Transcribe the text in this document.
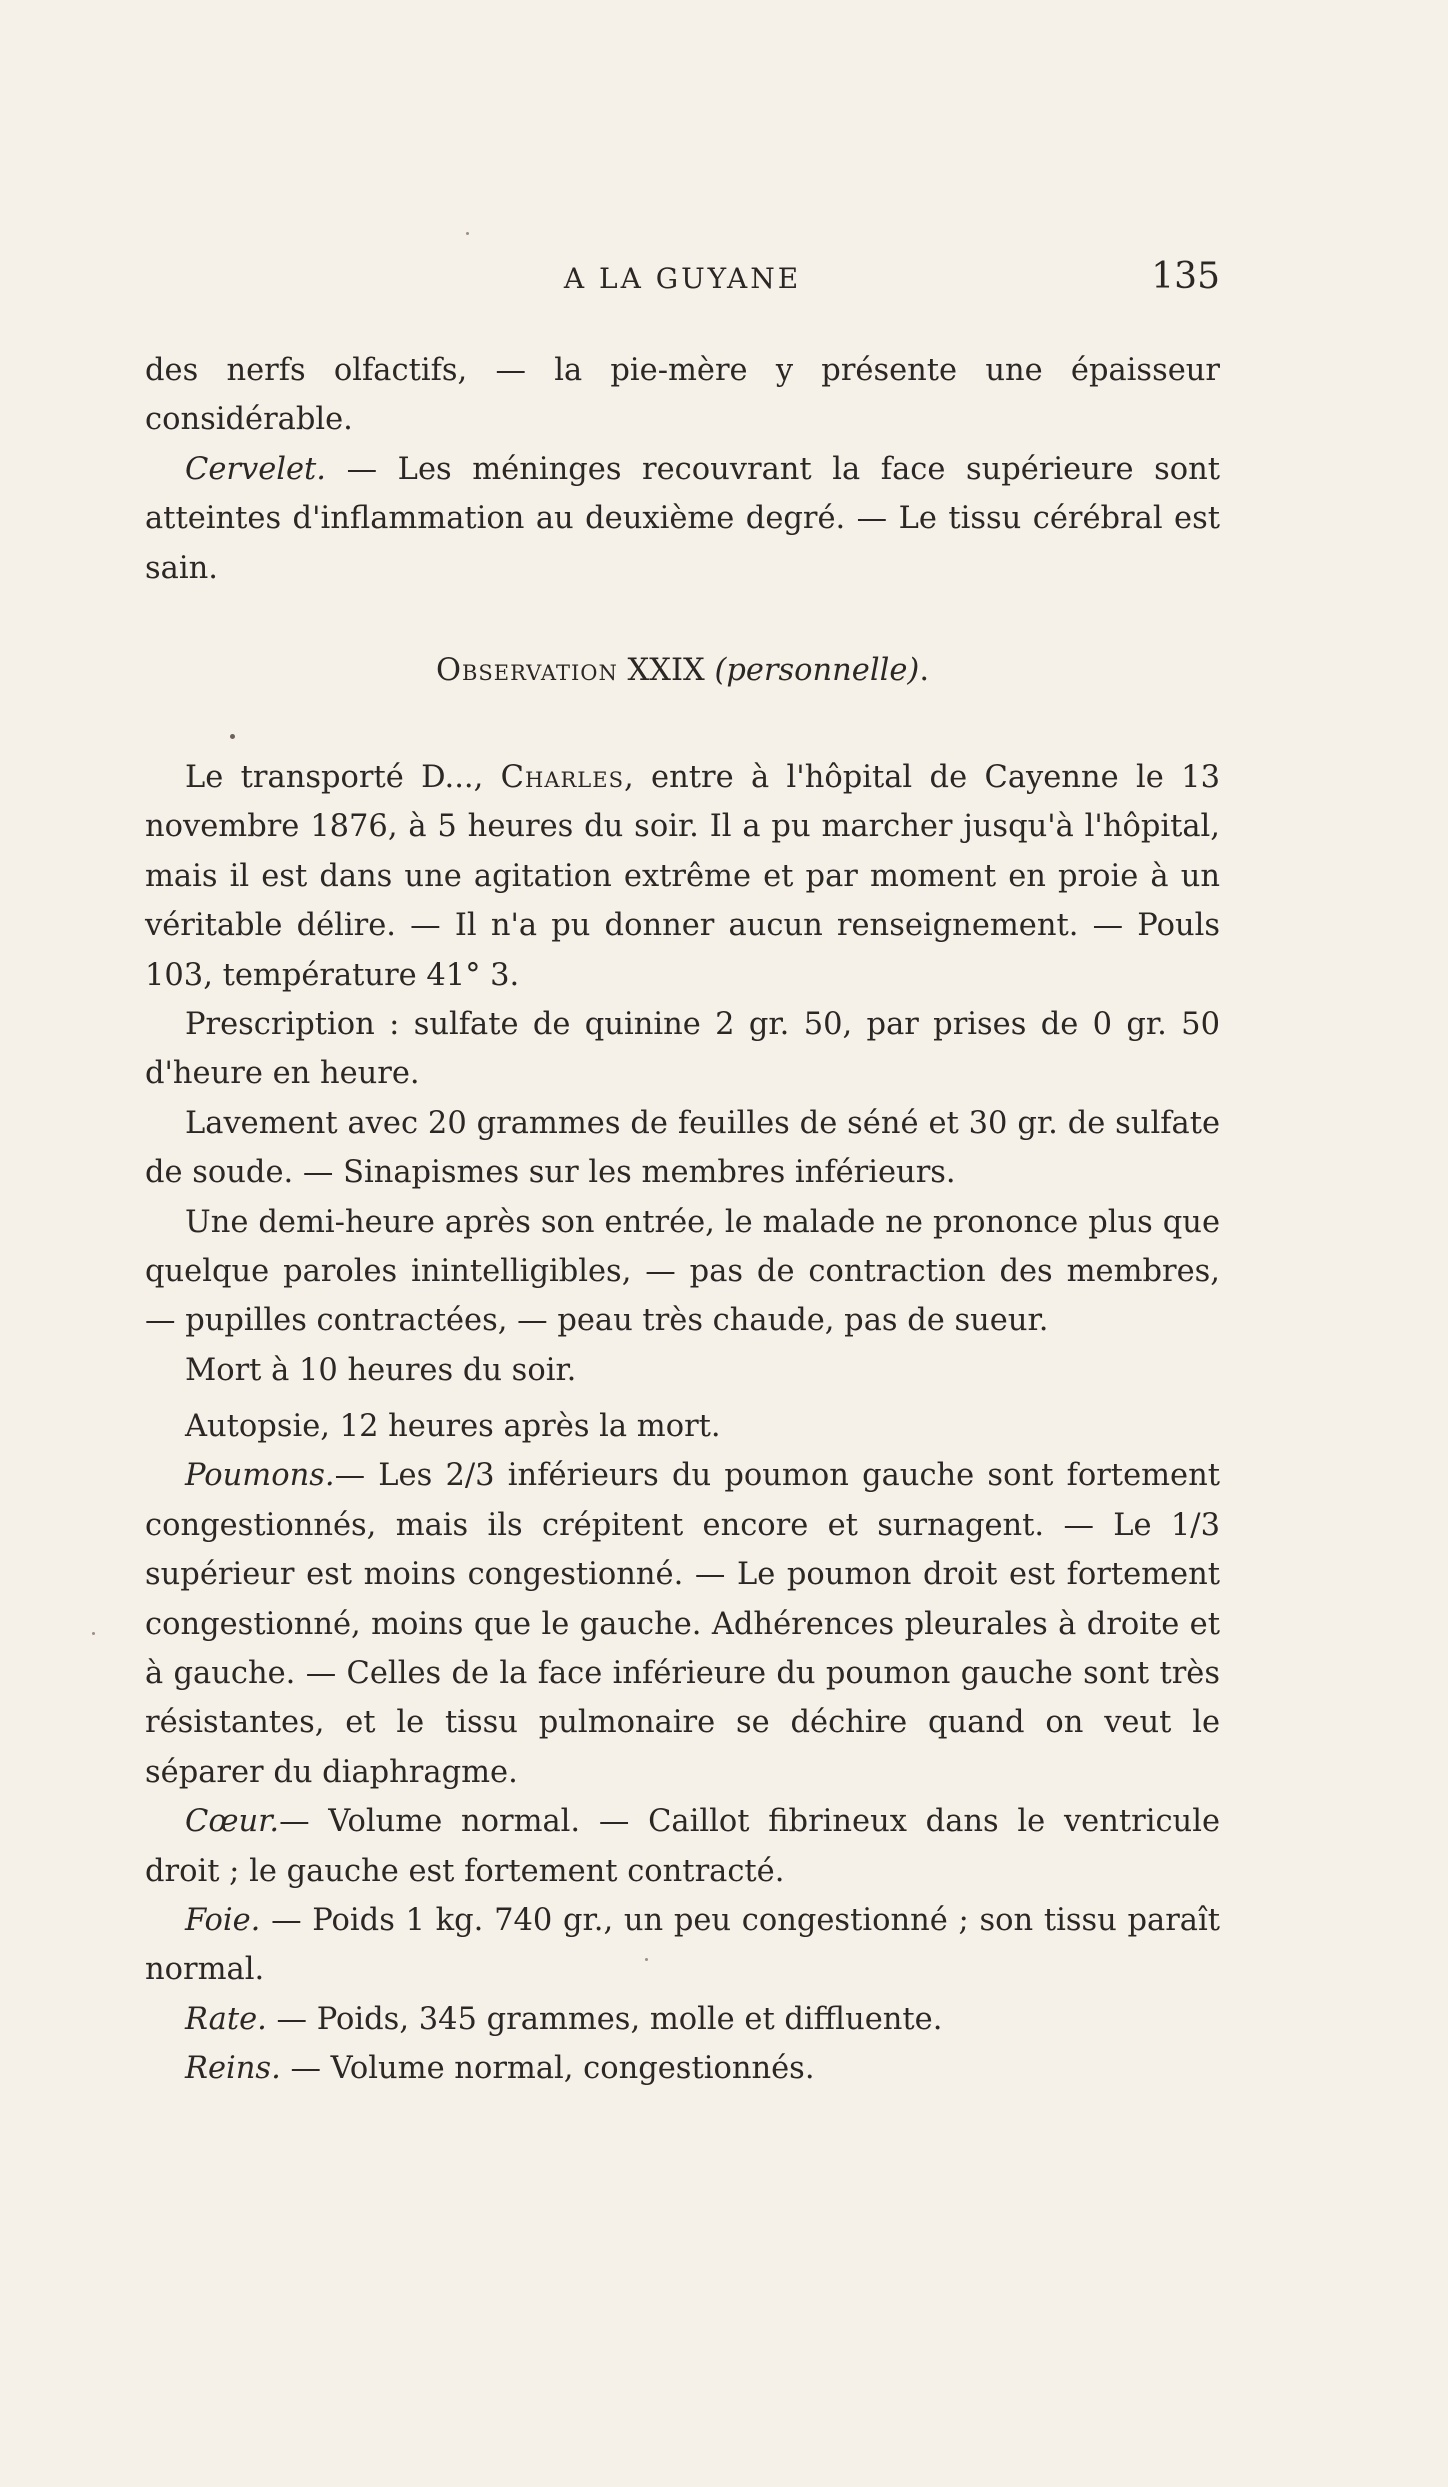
A LA GUYANE	135

des nerfs olfactifs, — la pie-mère y présente une épaisseur considérable.

Cervelet. — Les méninges recouvrant la face supérieure sont atteintes d'inflammation au deuxième degré. — Le tissu cérébral est sain.

Observation XXIX (personnelle).

Le transporté D..., Charles, entre à l'hôpital de Cayenne le 13 novembre 1876, à 5 heures du soir. Il a pu marcher jusqu'à l'hôpital, mais il est dans une agitation extrême et par moment en proie à un véritable délire. — Il n'a pu donner aucun renseignement. — Pouls 103, température 41° 3.

Prescription : sulfate de quinine 2 gr. 50, par prises de 0 gr. 50 d'heure en heure.

Lavement avec 20 grammes de feuilles de séné et 30 gr. de sulfate de soude. — Sinapismes sur les membres inférieurs.

Une demi-heure après son entrée, le malade ne prononce plus que quelque paroles inintelligibles, — pas de contraction des membres, — pupilles contractées, — peau très chaude, pas de sueur.

Mort à 10 heures du soir.

Autopsie, 12 heures après la mort.

Poumons.— Les 2/3 inférieurs du poumon gauche sont fortement congestionnés, mais ils crépitent encore et surnagent. — Le 1/3 supérieur est moins congestionné. — Le poumon droit est fortement congestionné, moins que le gauche. Adhérences pleurales à droite et à gauche. — Celles de la face inférieure du poumon gauche sont très résistantes, et le tissu pulmonaire se déchire quand on veut le séparer du diaphragme.

Cœur.— Volume normal. — Caillot fibrineux dans le ventricule droit ; le gauche est fortement contracté.

Foie. — Poids 1 kg. 740 gr., un peu congestionné ; son tissu paraît normal.

Rate. — Poids, 345 grammes, molle et diffluente.

Reins. — Volume normal, congestionnés.
